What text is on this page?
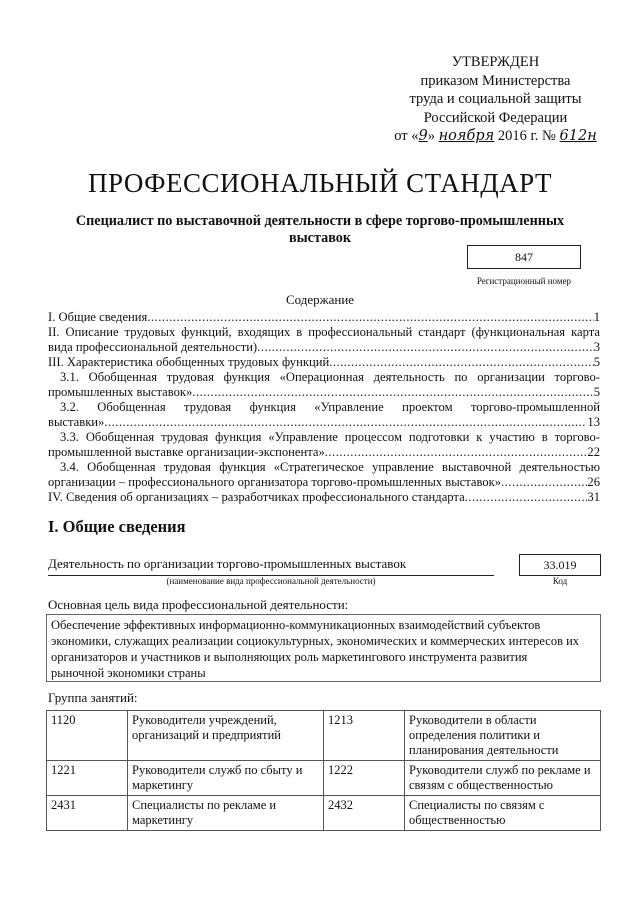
УТВЕРЖДЕН
приказом Министерства
труда и социальной защиты
Российской Федерации
от «9» ноября 2016 г. № 612н
ПРОФЕССИОНАЛЬНЫЙ СТАНДАРТ
Специалист по выставочной деятельности в сфере торгово-промышленных
выставок
847
Регистрационный номер
Содержание
I. Общие сведения .....	1
II. Описание трудовых функций, входящих в профессиональный стандарт (функциональная карта
вида профессиональной деятельности) .....	3
III. Характеристика обобщенных трудовых функций .....	5
3.1. Обобщенная трудовая функция «Операционная деятельность по организации торгово-
промышленных выставок» .....	5
3.2. Обобщенная трудовая функция «Управление проектом торгово-промышленной
выставки» .....	13
3.3. Обобщенная трудовая функция «Управление процессом подготовки к участию в торгово-
промышленной выставке организации-экспонента» .....	22
3.4. Обобщенная трудовая функция «Стратегическое управление выставочной деятельностью
организации – профессионального организатора торгово-промышленных выставок» .....	26
IV. Сведения об организациях – разработчиках профессионального стандарта .....	31
I. Общие сведения
Деятельность по организации торгово-промышленных выставок
(наименование вида профессиональной деятельности)
33.019
Код
Основная цель вида профессиональной деятельности:
Обеспечение эффективных информационно-коммуникационных взаимодействий субъектов
экономики, служащих реализации социокультурных, экономических и коммерческих интересов их
организаторов и участников и выполняющих роль маркетингового инструмента развития
рыночной экономики страны
Группа занятий:
1120	Руководители учреждений, организаций и предприятий	1213	Руководители в области определения политики и планирования деятельности
1221	Руководители служб по сбыту и маркетингу	1222	Руководители служб по рекламе и связям с общественностью
2431	Специалисты по рекламе и маркетингу	2432	Специалисты по связям с общественностью
